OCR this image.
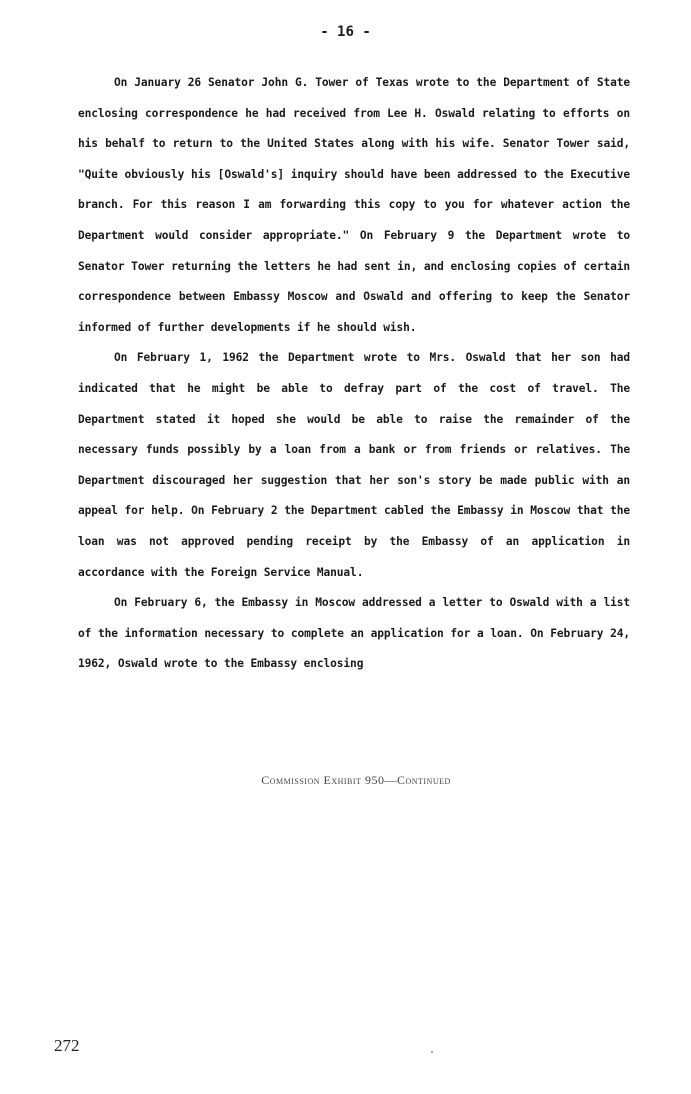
- 16 -

On January 26 Senator John G. Tower of Texas wrote to the Department of State enclosing correspondence he had received from Lee H. Oswald relating to efforts on his behalf to return to the United States along with his wife. Senator Tower said, "Quite obviously his [Oswald's] inquiry should have been addressed to the Executive branch. For this reason I am forwarding this copy to you for whatever action the Department would consider appropriate." On February 9 the Department wrote to Senator Tower returning the letters he had sent in, and enclosing copies of certain correspondence between Embassy Moscow and Oswald and offering to keep the Senator informed of further developments if he should wish.

On February 1, 1962 the Department wrote to Mrs. Oswald that her son had indicated that he might be able to defray part of the cost of travel. The Department stated it hoped she would be able to raise the remainder of the necessary funds possibly by a loan from a bank or from friends or relatives. The Department discouraged her suggestion that her son's story be made public with an appeal for help. On February 2 the Department cabled the Embassy in Moscow that the loan was not approved pending receipt by the Embassy of an application in accordance with the Foreign Service Manual.

On February 6, the Embassy in Moscow addressed a letter to Oswald with a list of the information necessary to complete an application for a loan. On February 24, 1962, Oswald wrote to the Embassy enclosing

Commission Exhibit 950—Continued
272
